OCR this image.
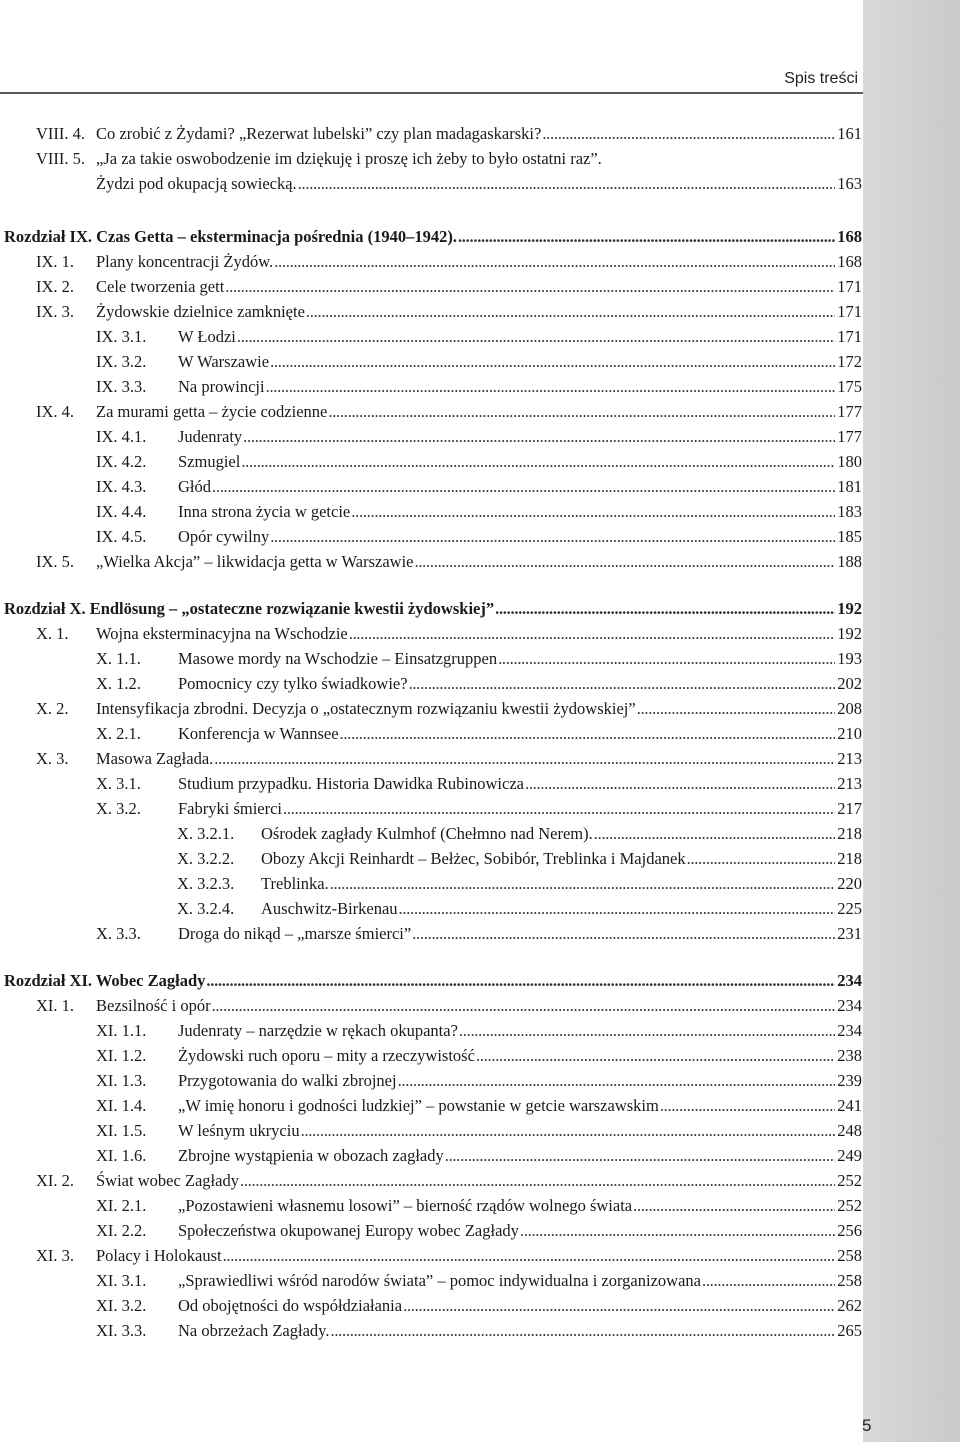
Spis treści
VIII. 4. Co zrobić z Żydami? „Rezerwat lubelski” czy plan madagaskarski? . . .	161
VIII. 5. „Ja za takie oswobodzenie im dziękuję i proszę ich żeby to było ostatni raz”.
Żydzi pod okupacją sowiecką. . . .	163
Rozdział IX. Czas Getta – eksterminacja pośrednia (1940–1942). . . .	168
IX. 1.	Plany koncentracji Żydów. . . .	168
IX. 2.	Cele tworzenia gett . . .	171
IX. 3.	Żydowskie dzielnice zamknięte . . .	171
IX. 3.1.	W Łodzi . . .	171
IX. 3.2.	W Warszawie . . .	172
IX. 3.3.	Na prowincji . . .	175
IX. 4.	Za murami getta – życie codzienne . . .	177
IX. 4.1.	Judenraty . . .	177
IX. 4.2.	Szmugiel . . .	180
IX. 4.3.	Głód . . .	181
IX. 4.4.	Inna strona życia w getcie . . .	183
IX. 4.5.	Opór cywilny . . .	185
IX. 5.	„Wielka Akcja” – likwidacja getta w Warszawie . . .	188
Rozdział X. Endlösung – „ostateczne rozwiązanie kwestii żydowskiej” . . .	192
X. 1.	Wojna eksterminacyjna na Wschodzie . . .	192
X. 1.1.	Masowe mordy na Wschodzie – Einsatzgruppen . . .	193
X. 1.2.	Pomocnicy czy tylko świadkowie? . . .	202
X. 2.	Intensyfikacja zbrodni. Decyzja o „ostatecznym rozwiązaniu kwestii żydowskiej” . . .	208
X. 2.1.	Konferencja w Wannsee . . .	210
X. 3.	Masowa Zagłada. . . .	213
X. 3.1.	Studium przypadku. Historia Dawidka Rubinowicza . . .	213
X. 3.2.	Fabryki śmierci . . .	217
X. 3.2.1.	Ośrodek zagłady Kulmhof (Chełmno nad Nerem). . . .	218
X. 3.2.2.	Obozy Akcji Reinhardt – Bełżec, Sobibór, Treblinka i Majdanek . . .	218
X. 3.2.3.	Treblinka. . . .	220
X. 3.2.4.	Auschwitz-Birkenau . . .	225
X. 3.3.	Droga do nikąd – „marsze śmierci” . . .	231
Rozdział XI. Wobec Zagłady . . .	234
XI. 1.	Bezsilność i opór . . .	234
XI. 1.1.	Judenraty – narzędzie w rękach okupanta? . . .	234
XI. 1.2.	Żydowski ruch oporu – mity a rzeczywistość . . .	238
XI. 1.3.	Przygotowania do walki zbrojnej . . .	239
XI. 1.4.	„W imię honoru i godności ludzkiej” – powstanie w getcie warszawskim . . .	241
XI. 1.5.	W leśnym ukryciu . . .	248
XI. 1.6.	Zbrojne wystąpienia w obozach zagłady . . .	249
XI. 2.	Świat wobec Zagłady . . .	252
XI. 2.1.	„Pozostawieni własnemu losowi” – bierność rządów wolnego świata . . .	252
XI. 2.2.	Społeczeństwa okupowanej Europy wobec Zagłady . . .	256
XI. 3.	Polacy i Holokaust . . .	258
XI. 3.1.	„Sprawiedliwi wśród narodów świata” – pomoc indywidualna i zorganizowana . . .	258
XI. 3.2.	Od obojętności do współdziałania . . .	262
XI. 3.3.	Na obrzeżach Zagłady. . . .	265
5
